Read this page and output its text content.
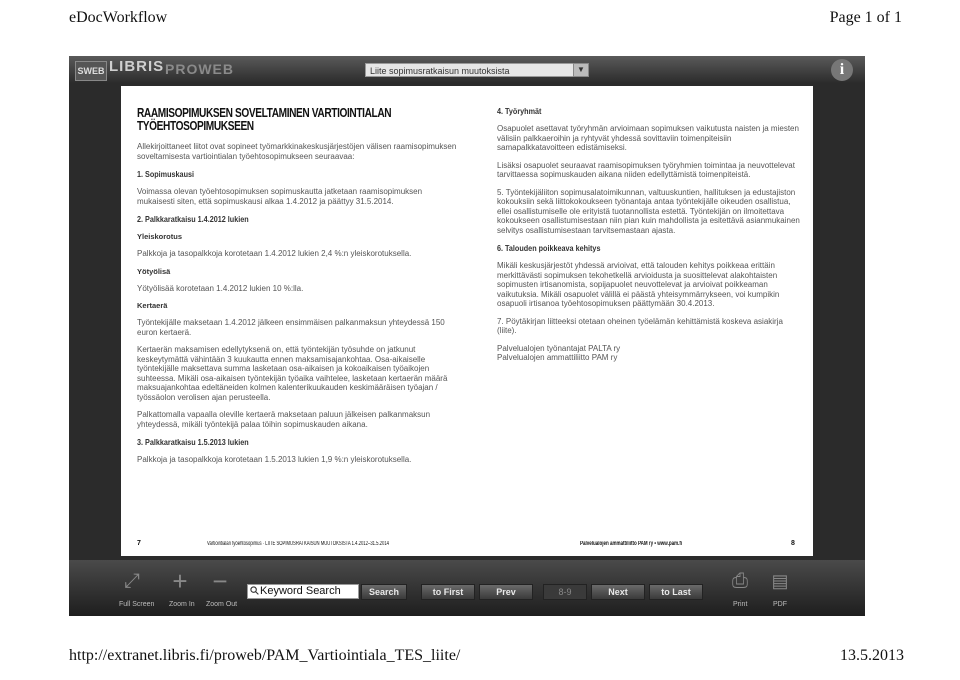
eDocWorkflow	Page 1 of 1
SWEB LIBRIS PROWEB	Liite sopimusratkaisun muutoksista	▼	i
RAAMISOPIMUKSEN SOVELTAMINEN VARTIOINTIALAN
TYÖEHTOSOPIMUKSEEN
Allekirjoittaneet liitot ovat sopineet työmarkkinakeskusjärjestöjen välisen raamisopimuksen soveltamisesta vartiointialan työehtosopimukseen seuraavaa:
1. Sopimuskausi
Voimassa olevan työehtosopimuksen sopimuskautta jatketaan raamisopimuksen mukaisesti siten, että sopimuskausi alkaa 1.4.2012 ja päättyy 31.5.2014.
2. Palkkaratkaisu 1.4.2012 lukien
Yleiskorotus
Palkkoja ja tasopalkkoja korotetaan 1.4.2012 lukien 2,4 %:n yleiskorotuksella.
Yötyölisä
Yötyölisää korotetaan 1.4.2012 lukien 10 %:lla.
Kertaerä
Työntekijälle maksetaan 1.4.2012 jälkeen ensimmäisen palkanmaksun yhteydessä 150 euron kertaerä.
Kertaerän maksamisen edellytyksenä on, että työntekijän työsuhde on jatkunut keskeytymättä vähintään 3 kuukautta ennen maksamisajankohtaa. Osa-aikaiselle työntekijälle maksettava summa lasketaan osa-aikaisen ja kokoaikaisen työaikojen suhteessa. Mikäli osa-aikaisen työntekijän työaika vaihtelee, lasketaan kertaerän määrä maksuajankohtaa edeltäneiden kolmen kalenterikuukauden keskimääräisen työajan / työssäolon verolisen ajan perusteella.
Palkattomalla vapaalla oleville kertaerä maksetaan paluun jälkeisen palkanmaksun yhteydessä, mikäli työntekijä palaa töihin sopimuskauden aikana.
3. Palkkaratkaisu 1.5.2013 lukien
Palkkoja ja tasopalkkoja korotetaan 1.5.2013 lukien 1,9 %:n yleiskorotuksella.
4. Työryhmät
Osapuolet asettavat työryhmän arvioimaan sopimuksen vaikutusta naisten ja miesten välisiin palkkaeroihin ja ryhtyvät yhdessä sovittaviin toimenpiteisiin samapalkkatavoitteen edistämiseksi.
Lisäksi osapuolet seuraavat raamisopimuksen työryhmien toimintaa ja neuvottelevat tarvittaessa sopimuskauden aikana niiden edellyttämistä toimenpiteistä.
5. Työntekijäliiton sopimusalatoimikunnan, valtuuskuntien, hallituksen ja edustajiston kokouksiin sekä liittokokoukseen työnantaja antaa työntekijälle oikeuden osallistua, ellei osallistumiselle ole erityistä tuotannollista estettä. Työntekijän on ilmoitettava kokoukseen osallistumisestaan niin pian kuin mahdollista ja esitettävä asianmukainen selvitys osallistumisestaan tarvitsemastaan ajasta.
6. Talouden poikkeava kehitys
Mikäli keskusjärjestöt yhdessä arvioivat, että talouden kehitys poikkeaa erittäin merkittävästi sopimuksen tekohetkellä arvioidusta ja suosittelevat alakohtaisten sopimusten irtisanomista, sopijapuolet neuvottelevat ja arvioivat poikkeaman vaikutuksia. Mikäli osapuolet välillä ei päästä yhteisymmärrykseen, voi kumpikin osapuoli irtisanoa työehtosopimuksen päättymään 30.4.2013.
7. Pöytäkirjan liitteeksi otetaan oheinen työelämän kehittämistä koskeva asiakirja (liite).
Palvelualojen työnantajat PALTA ry
Palvelualojen ammattiliitto PAM ry
7	Vartiointialan työehtosopimus · LIITE SOPIMUSRATKAISUN MUUTOKSISTA 1.4.2012–31.5.2014	Palvelualojen ammattiliitto PAM ry • www.pam.fi	8
⤢
Full Screen
+
Zoom In
−
Zoom Out
Keyword Search	Search	to First	Prev	8-9	Next	to Last	⎙
Print
▤
PDF
http://extranet.libris.fi/proweb/PAM_Vartiointiala_TES_liite/	13.5.2013
